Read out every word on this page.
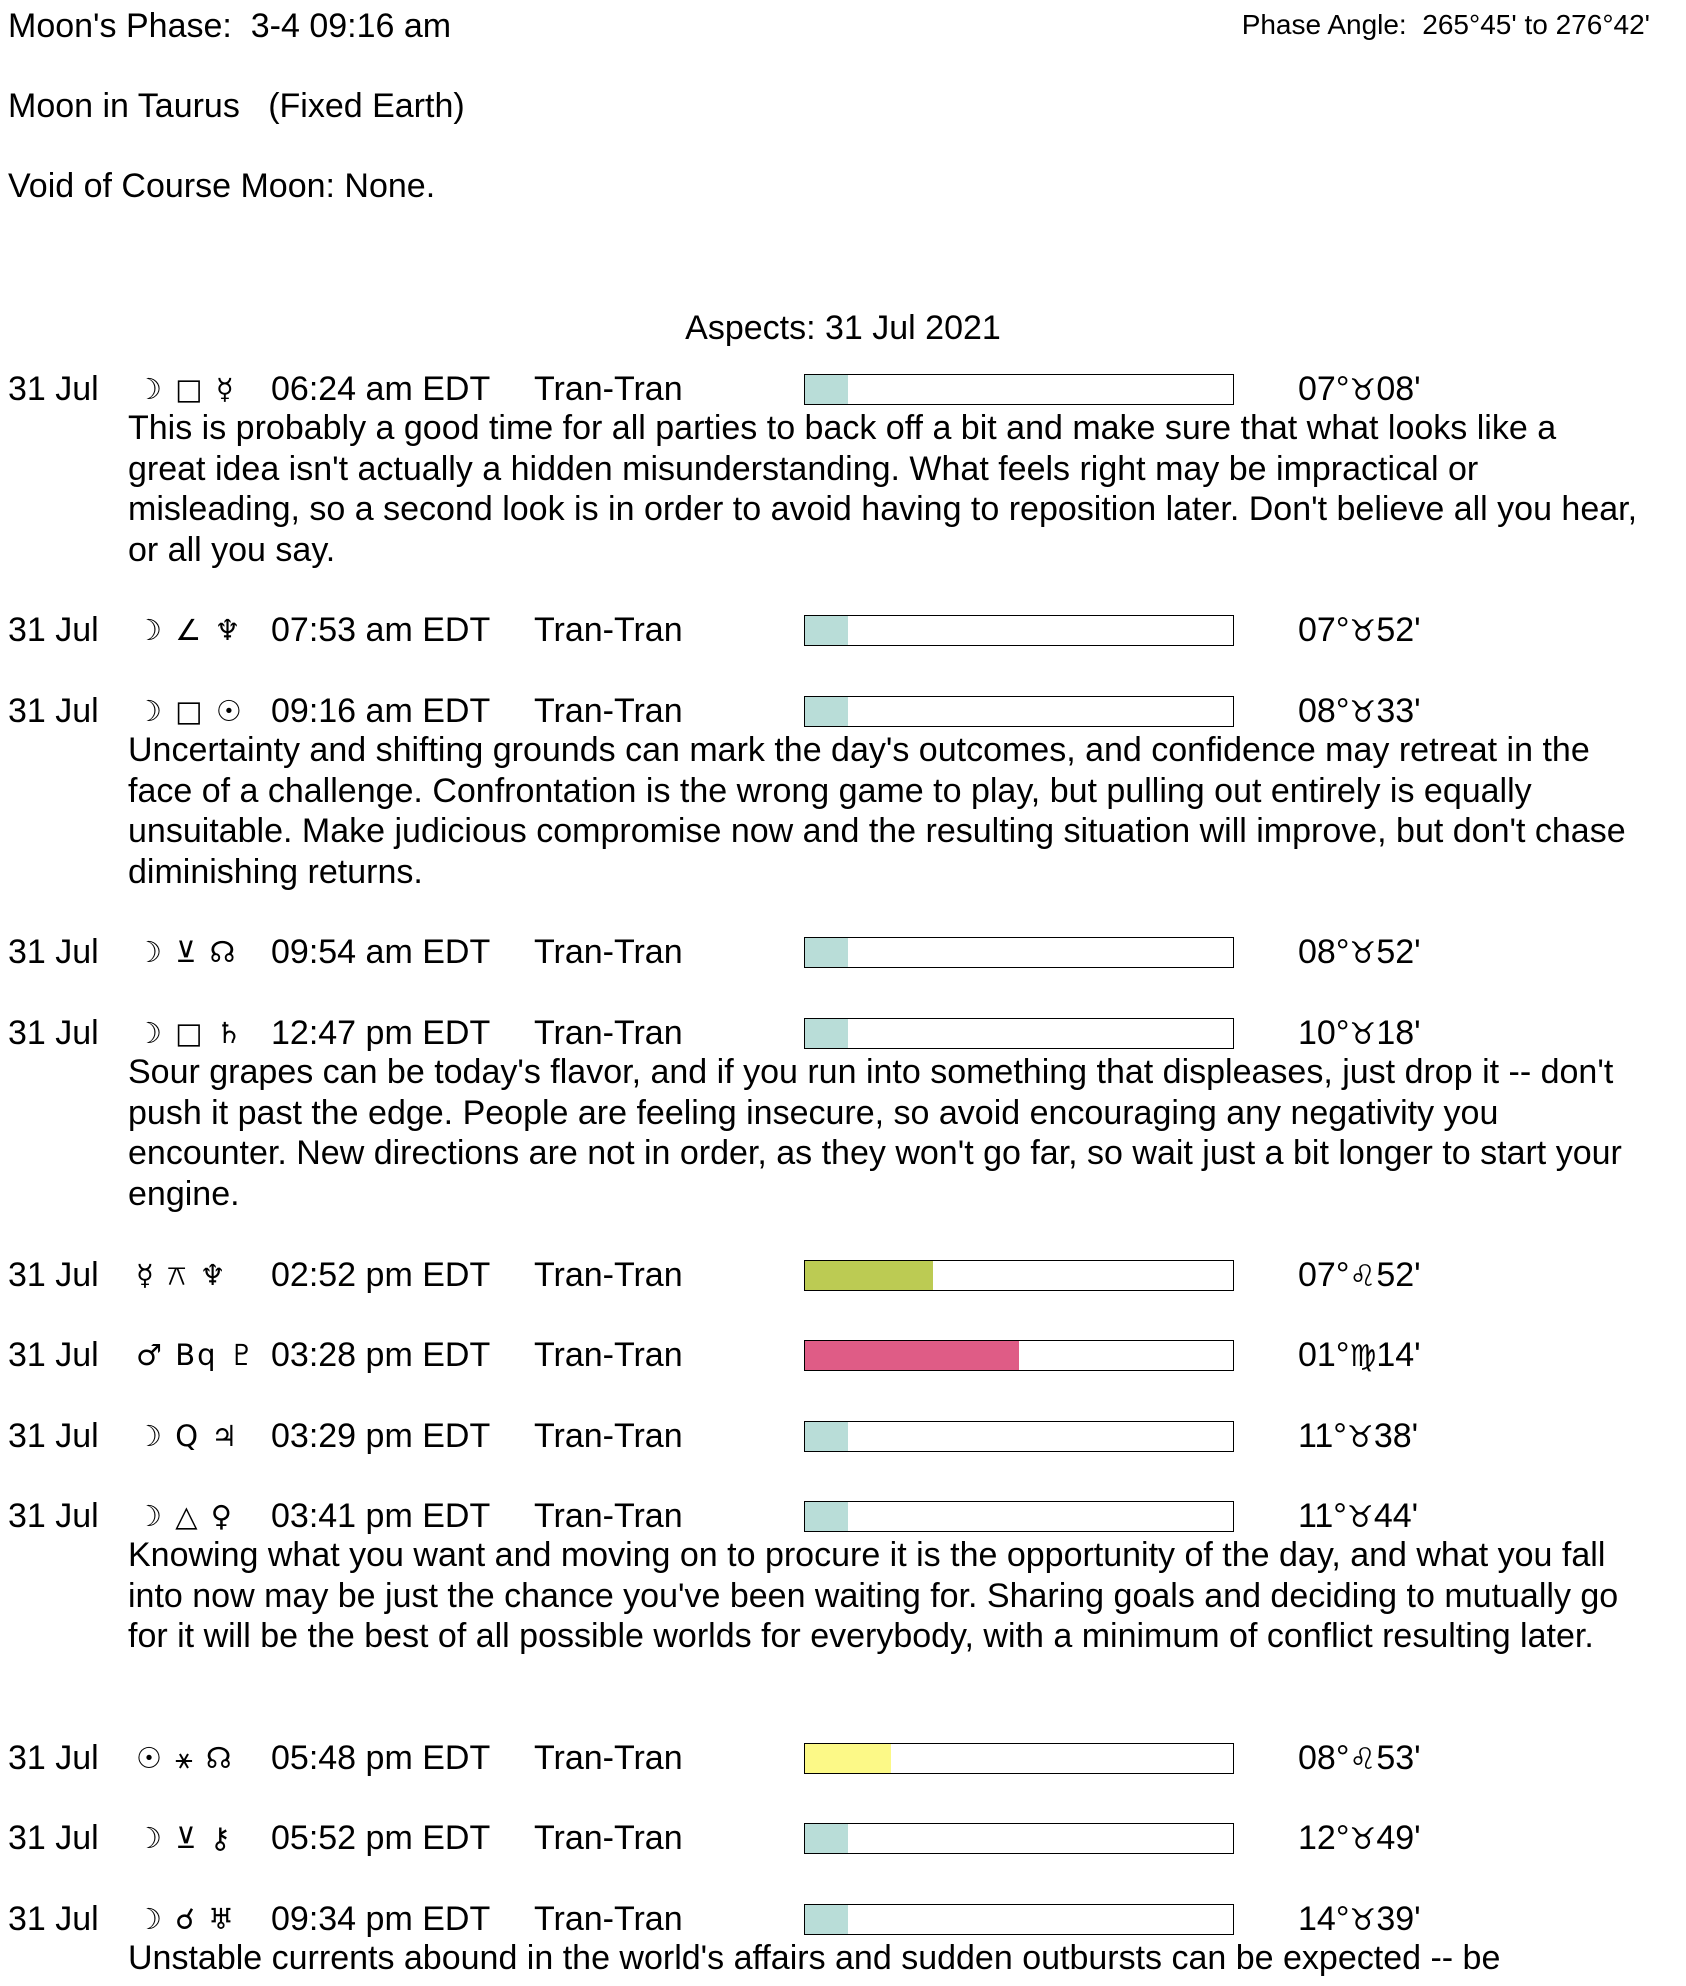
Moon's Phase: 3-4 09:16 am	Phase Angle: 265°45' to 276°42'
Moon in Taurus (Fixed Earth)
Void of Course Moon: None.
Aspects: 31 Jul 2021
31 Jul ☽ □ ☿ 06:24 am EDT Tran-Tran	07°♉08'
This is probably a good time for all parties to back off a bit and make sure that what looks like a great idea isn't actually a hidden misunderstanding. What feels right may be impractical or misleading, so a second look is in order to avoid having to reposition later. Don't believe all you hear, or all you say.
31 Jul ☽ ∠ ♆ 07:53 am EDT Tran-Tran	07°♉52'
31 Jul ☽ □ ☉ 09:16 am EDT Tran-Tran	08°♉33'
Uncertainty and shifting grounds can mark the day's outcomes, and confidence may retreat in the face of a challenge. Confrontation is the wrong game to play, but pulling out entirely is equally unsuitable. Make judicious compromise now and the resulting situation will improve, but don't chase diminishing returns.
31 Jul ☽ ⊻ ☊ 09:54 am EDT Tran-Tran	08°♉52'
31 Jul ☽ □ ♄ 12:47 pm EDT Tran-Tran	10°♉18'
Sour grapes can be today's flavor, and if you run into something that displeases, just drop it -- don't push it past the edge. People are feeling insecure, so avoid encouraging any negativity you encounter. New directions are not in order, as they won't go far, so wait just a bit longer to start your engine.
31 Jul ☿ ⚻ ♆ 02:52 pm EDT Tran-Tran	07°♌52'
31 Jul ♂ Bq ♇ 03:28 pm EDT Tran-Tran	01°♍14'
31 Jul ☽ Q ♃ 03:29 pm EDT Tran-Tran	11°♉38'
31 Jul ☽ △ ♀ 03:41 pm EDT Tran-Tran	11°♉44'
Knowing what you want and moving on to procure it is the opportunity of the day, and what you fall into now may be just the chance you've been waiting for. Sharing goals and deciding to mutually go for it will be the best of all possible worlds for everybody, with a minimum of conflict resulting later.
31 Jul ☉ ⚹ ☊ 05:48 pm EDT Tran-Tran	08°♌53'
31 Jul ☽ ⊻ ⚷ 05:52 pm EDT Tran-Tran	12°♉49'
31 Jul ☽ ☌ ♅ 09:34 pm EDT Tran-Tran	14°♉39'
Unstable currents abound in the world's affairs and sudden outbursts can be expected -- be
